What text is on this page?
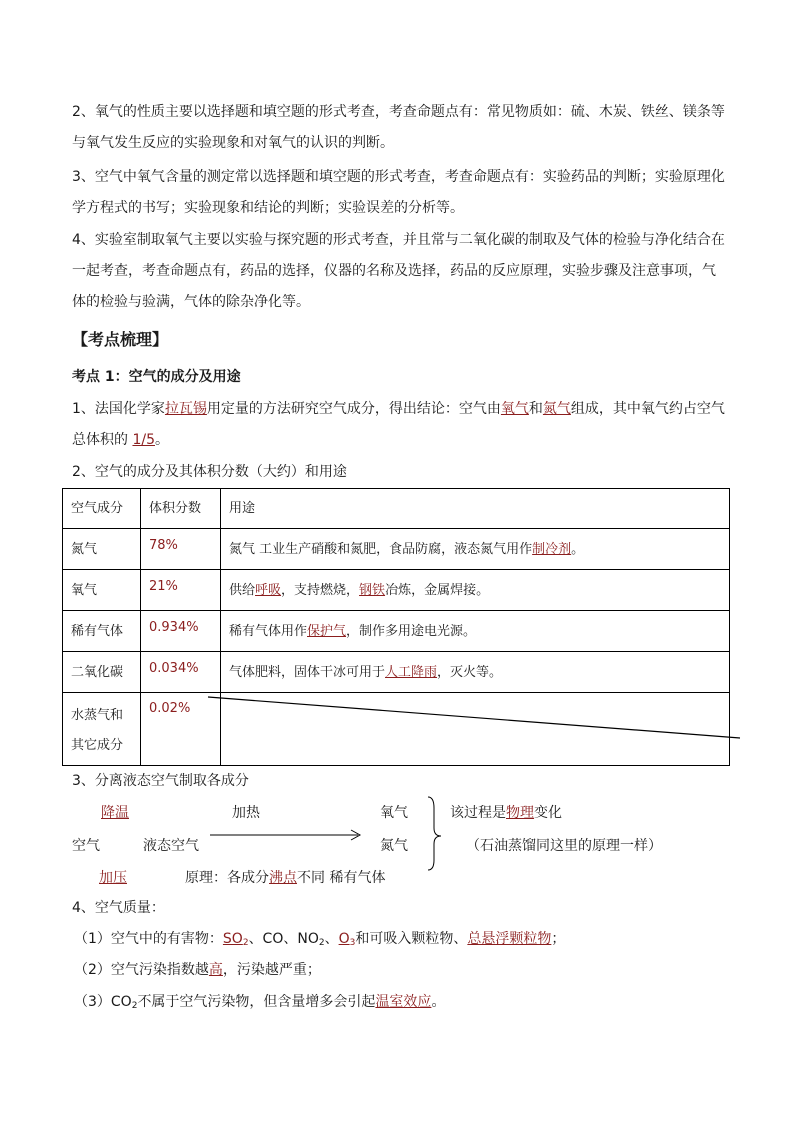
2、氧气的性质主要以选择题和填空题的形式考查，考查命题点有：常见物质如：硫、木炭、铁丝、镁条等
与氧气发生反应的实验现象和对氧气的认识的判断。
3、空气中氧气含量的测定常以选择题和填空题的形式考查，考查命题点有：实验药品的判断；实验原理化
学方程式的书写；实验现象和结论的判断；实验误差的分析等。
4、实验室制取氧气主要以实验与探究题的形式考查，并且常与二氧化碳的制取及气体的检验与净化结合在
一起考查，考查命题点有，药品的选择，仪器的名称及选择，药品的反应原理，实验步骤及注意事项，气
体的检验与验满，气体的除杂净化等。
【考点梳理】
考点 1：空气的成分及用途
1、法国化学家拉瓦锡用定量的方法研究空气成分，得出结论：空气由氧气和氮气组成，其中氧气约占空气
总体积的 1/5。
2、空气的成分及其体积分数（大约）和用途
空气成分	体积分数	用途
氮气	78%	氮气 工业生产硝酸和氮肥，食品防腐，液态氮气用作制冷剂。
氧气	21%	供给呼吸，支持燃烧，钢铁冶炼，金属焊接。
稀有气体	0.934%	稀有气体用作保护气，制作多用途电光源。
二氧化碳	0.034%	气体肥料，固体干冰可用于人工降雨，灭火等。

水蒸气和
其它成分	0.02%	
3、分离液态空气制取各成分
降温	加热	氧气	该过程是物理变化
空气	液态空气	氮气	（石油蒸馏同这里的原理一样）
加压	原理：各成分沸点不同 稀有气体
4、空气质量：
（1）空气中的有害物：$SO_2$、CO、$NO_2$、$O_3$和可吸入颗粒物、总悬浮颗粒物；
（2）空气污染指数越高，污染越严重；
$(3)CO_2$不属于空气污染物，但含量增多会引起温室效应。
